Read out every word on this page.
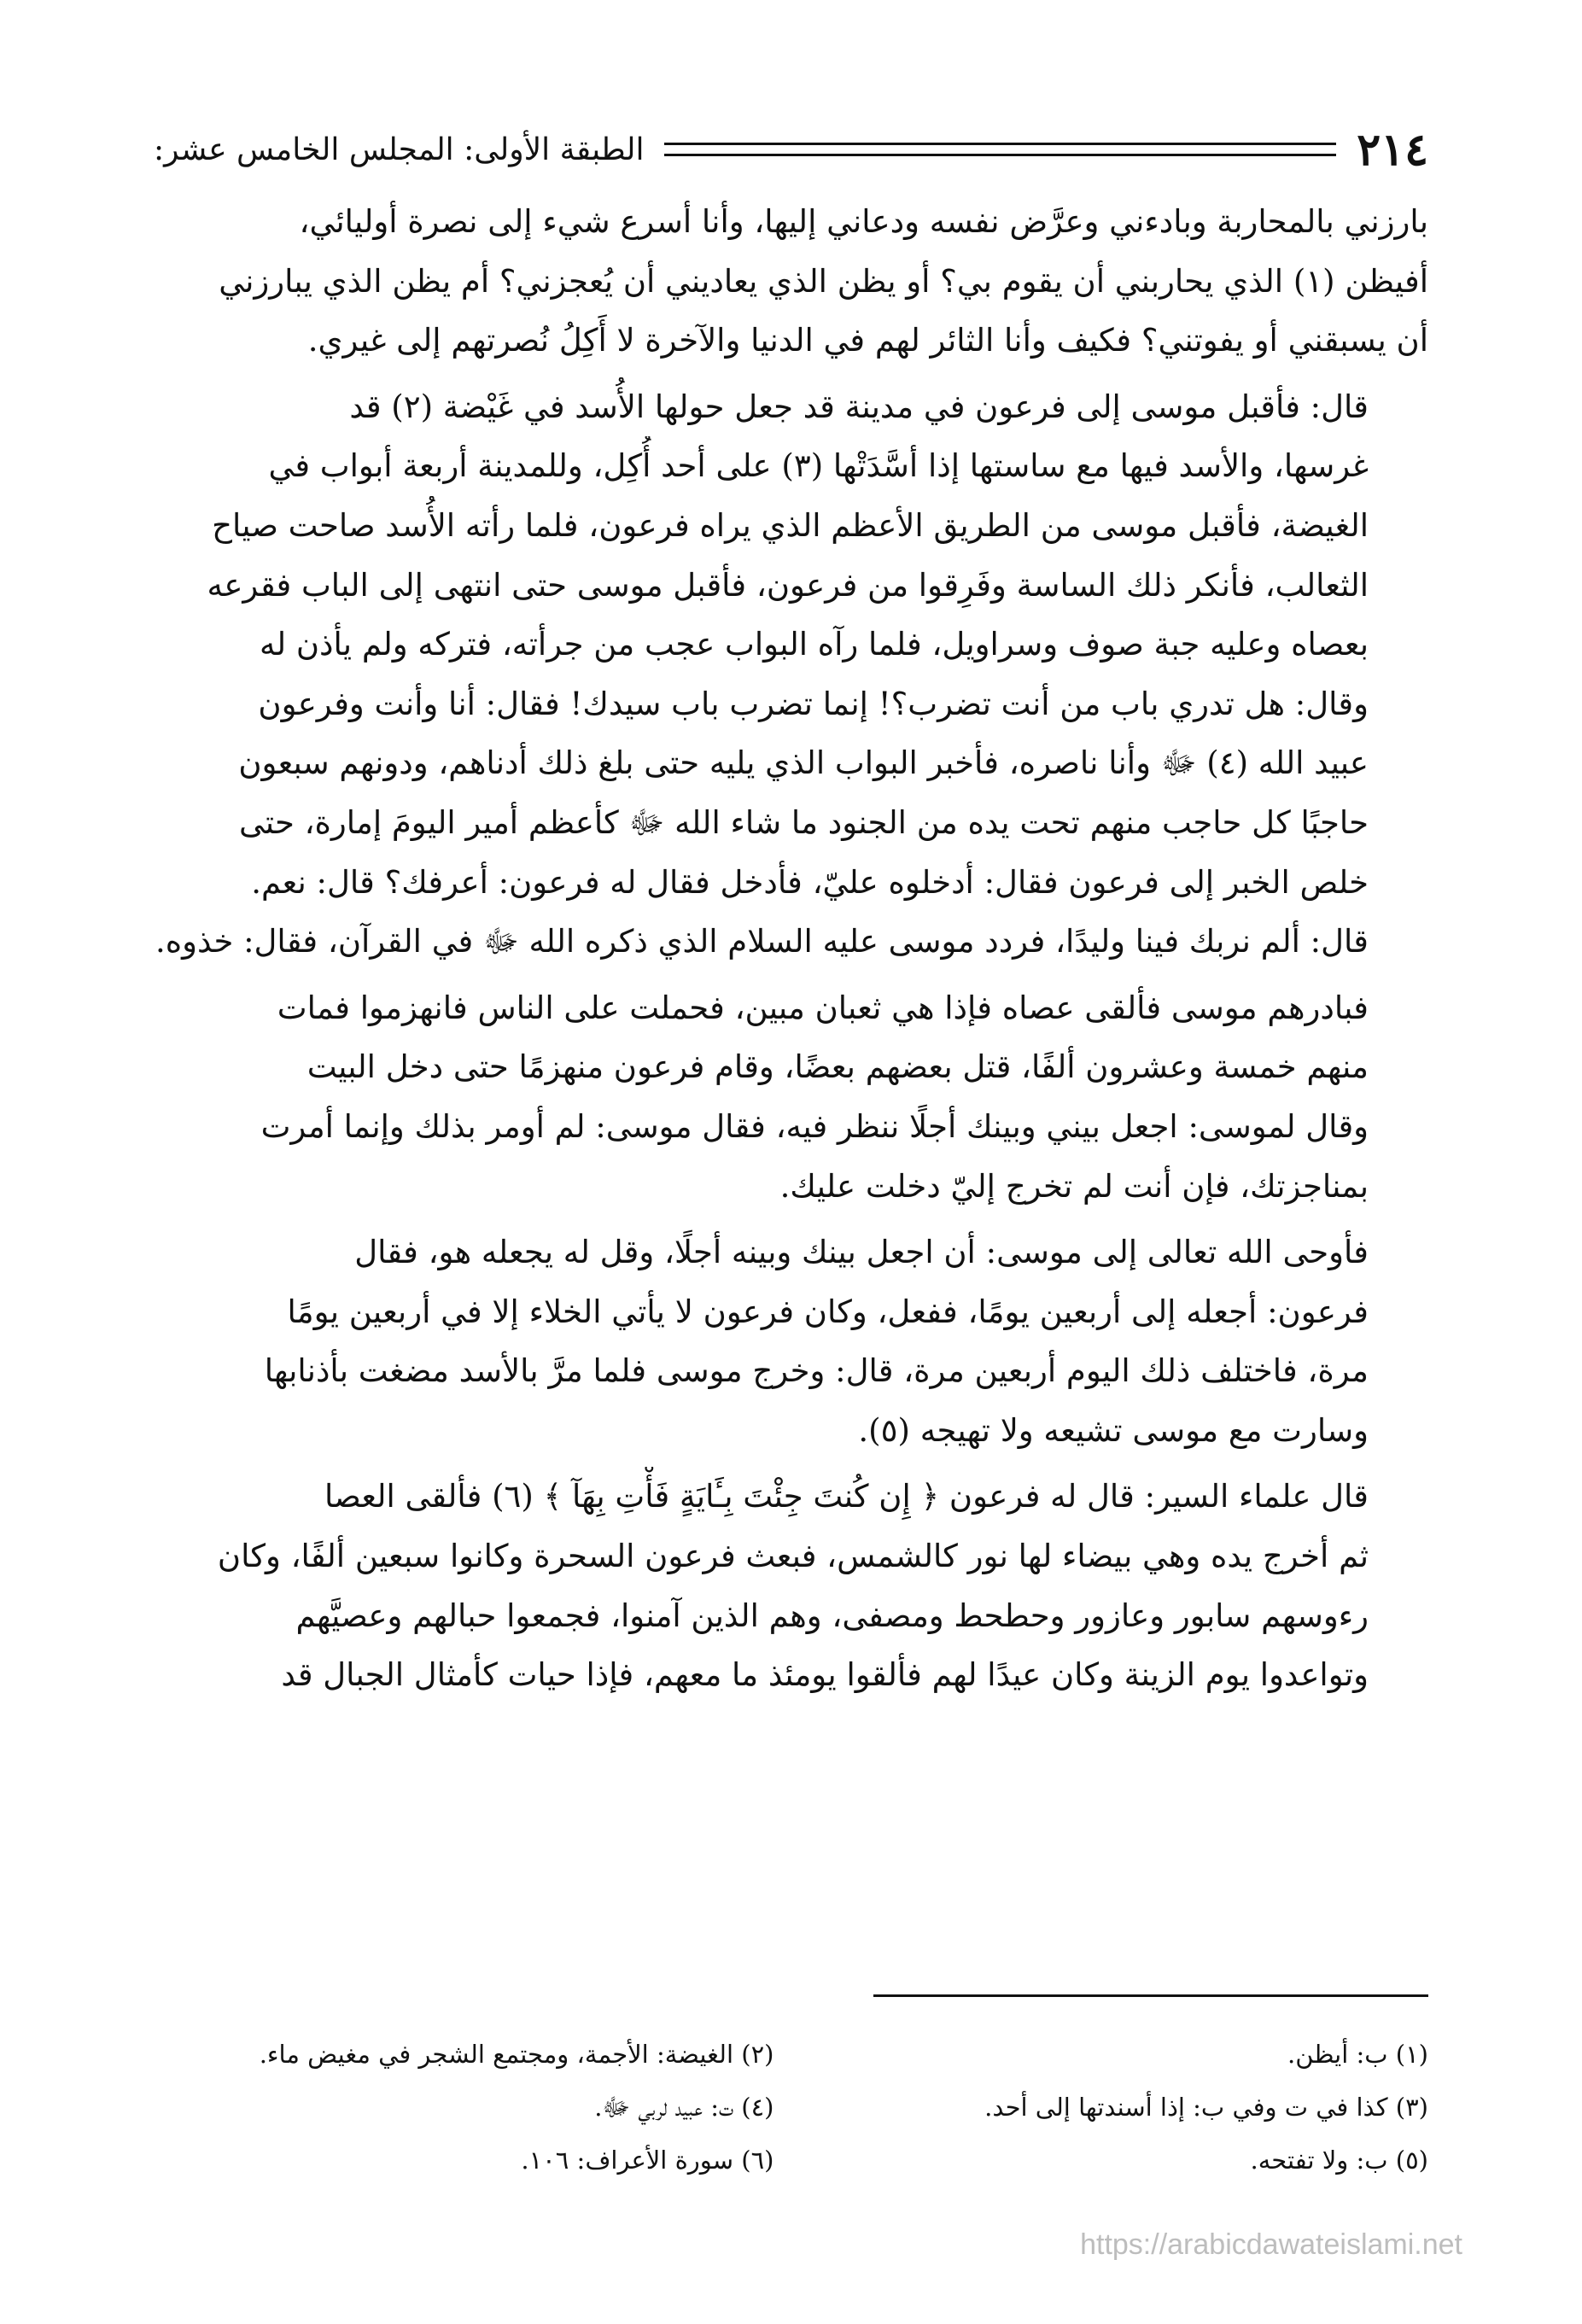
٢١٤
الطبقة الأولى: المجلس الخامس عشر:
بارزني بالمحاربة وبادءني وعرَّض نفسه ودعاني إليها، وأنا أسرع شيء إلى نصرة أوليائي،
أفيظن (١) الذي يحاربني أن يقوم بي؟ أو يظن الذي يعاديني أن يُعجزني؟ أم يظن الذي يبارزني
أن يسبقني أو يفوتني؟ فكيف وأنا الثائر لهم في الدنيا والآخرة لا أَكِلُ نُصرتهم إلى غيري.
قال: فأقبل موسى إلى فرعون في مدينة قد جعل حولها الأُسد في غَيْضة (٢) قد
غرسها، والأسد فيها مع ساستها إذا أسَّدَتْها (٣) على أحد أُكِل، وللمدينة أربعة أبواب في
الغيضة، فأقبل موسى من الطريق الأعظم الذي يراه فرعون، فلما رأته الأُسد صاحت صياح
الثعالب، فأنكر ذلك الساسة وفَرِقوا من فرعون، فأقبل موسى حتى انتهى إلى الباب فقرعه
بعصاه وعليه جبة صوف وسراويل، فلما رآه البواب عجب من جرأته، فتركه ولم يأذن له
وقال: هل تدري باب من أنت تضرب؟! إنما تضرب باب سيدك! فقال: أنا وأنت وفرعون
عبيد الله (٤) ﷻ وأنا ناصره، فأخبر البواب الذي يليه حتى بلغ ذلك أدناهم، ودونهم سبعون
حاجبًا كل حاجب منهم تحت يده من الجنود ما شاء الله ﷻ كأعظم أمير اليومَ إمارة، حتى
خلص الخبر إلى فرعون فقال: أدخلوه عليّ، فأدخل فقال له فرعون: أعرفك؟ قال: نعم.
قال: ألم نربك فينا وليدًا، فردد موسى عليه السلام الذي ذكره الله ﷻ في القرآن، فقال: خذوه.
فبادرهم موسى فألقى عصاه فإذا هي ثعبان مبين، فحملت على الناس فانهزموا فمات
منهم خمسة وعشرون ألفًا، قتل بعضهم بعضًا، وقام فرعون منهزمًا حتى دخل البيت
وقال لموسى: اجعل بيني وبينك أجلًا ننظر فيه، فقال موسى: لم أومر بذلك وإنما أمرت
بمناجزتك، فإن أنت لم تخرج إليّ دخلت عليك.
فأوحى الله تعالى إلى موسى: أن اجعل بينك وبينه أجلًا، وقل له يجعله هو، فقال
فرعون: أجعله إلى أربعين يومًا، ففعل، وكان فرعون لا يأتي الخلاء إلا في أربعين يومًا
مرة، فاختلف ذلك اليوم أربعين مرة، قال: وخرج موسى فلما مرَّ بالأسد مضغت بأذنابها
وسارت مع موسى تشيعه ولا تهيجه (٥).
قال علماء السير: قال له فرعون ﴿ إِن كُنتَ جِئْتَ بِـَٔايَةٍ فَأْتِ بِهَآ ﴾ (٦) فألقى العصا
ثم أخرج يده وهي بيضاء لها نور كالشمس، فبعث فرعون السحرة وكانوا سبعين ألفًا، وكان
رءوسهم سابور وعازور وحطحط ومصفى، وهم الذين آمنوا، فجمعوا حبالهم وعصيَّهم
وتواعدوا يوم الزينة وكان عيدًا لهم فألقوا يومئذ ما معهم، فإذا حيات كأمثال الجبال قد
(١) ب: أيظن.
(٢) الغيضة: الأجمة، ومجتمع الشجر في مغيض ماء.
(٣) كذا في ت وفي ب: إذا أسندتها إلى أحد.
(٤) ت: عبيد لربي ﷻ.
(٥) ب: ولا تفتحه.
(٦) سورة الأعراف: ١٠٦.
https://arabicdawateislami.net
